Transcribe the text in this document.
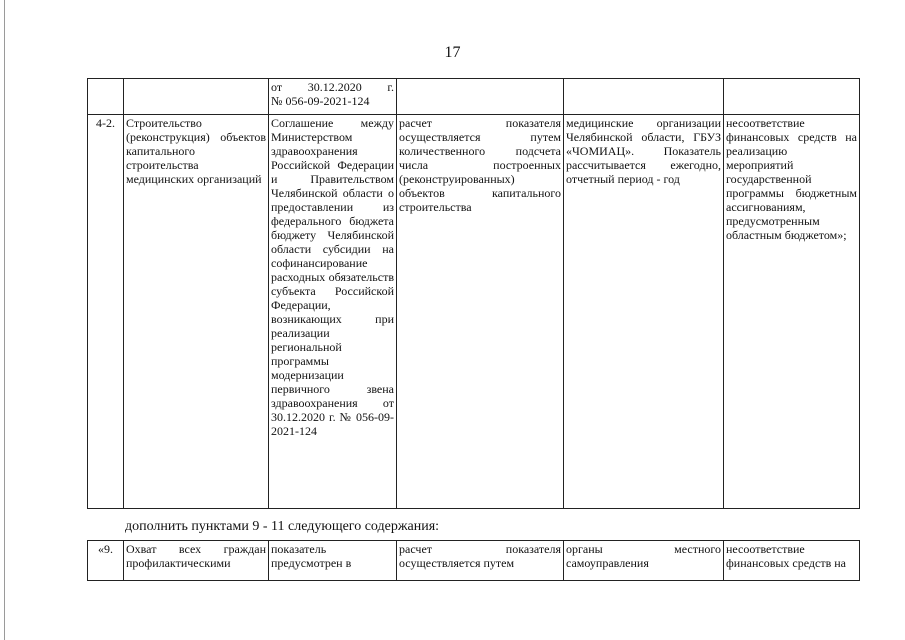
17

		от 30.12.2020 г.
№ 056-09-2021-124			

4-2.	Строительство (реконструкция) объектов капитального строительства медицинских организаций	Соглашение между Министерством здравоохранения Российской Федерации и Правительством Челябинской области о предоставлении из федерального бюджета бюджету Челябинской области субсидии на софинансирование расходных обязательств субъекта Российской Федерации, возникающих при реализации региональной программы модернизации первичного звена здравоохранения от 30.12.2020 г. № 056-09-2021-124	расчет показателя осуществляется путем количественного подсчета числа построенных (реконструированных) объектов капитального строительства	медицинские организации Челябинской области, ГБУЗ «ЧОМИАЦ». Показатель рассчитывается ежегодно, отчетный период - год	несоответствие финансовых средств на реализацию мероприятий государственной программы бюджетным ассигнованиям, предусмотренным областным бюджетом»;
дополнить пунктами 9 - 11 следующего содержания:
«9.	Охват всех граждан профилактическими	показатель предусмотрен в	расчет показателя осуществляется путем	органы местного самоуправления	несоответствие финансовых средств на
